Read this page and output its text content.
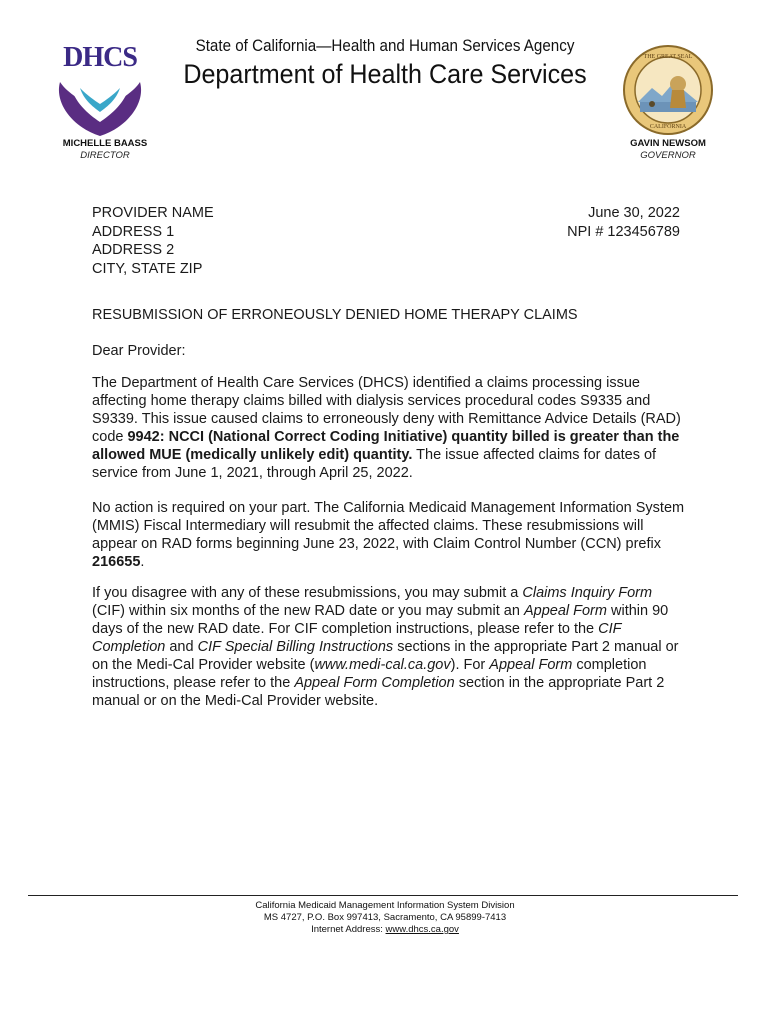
DHCS	State of California—Health and Human Services Agency
Department of Health Care Services
THE GREAT SEAL
CALIFORNIA
MICHELLE BAASS
DIRECTOR
GAVIN NEWSOM
GOVERNOR
PROVIDER NAME
ADDRESS 1
ADDRESS 2
CITY, STATE ZIP
June 30, 2022
NPI # 123456789
RESUBMISSION OF ERRONEOUSLY DENIED HOME THERAPY CLAIMS
Dear Provider:
The Department of Health Care Services (DHCS) identified a claims processing issue affecting home therapy claims billed with dialysis services procedural codes S9335 and S9339. This issue caused claims to erroneously deny with Remittance Advice Details (RAD) code 9942: NCCI (National Correct Coding Initiative) quantity billed is greater than the allowed MUE (medically unlikely edit) quantity. The issue affected claims for dates of service from June 1, 2021, through April 25, 2022.
No action is required on your part. The California Medicaid Management Information System (MMIS) Fiscal Intermediary will resubmit the affected claims. These resubmissions will appear on RAD forms beginning June 23, 2022, with Claim Control Number (CCN) prefix 216655.
If you disagree with any of these resubmissions, you may submit a Claims Inquiry Form (CIF) within six months of the new RAD date or you may submit an Appeal Form within 90 days of the new RAD date. For CIF completion instructions, please refer to the CIF Completion and CIF Special Billing Instructions sections in the appropriate Part 2 manual or on the Medi-Cal Provider website (www.medi-cal.ca.gov). For Appeal Form completion instructions, please refer to the Appeal Form Completion section in the appropriate Part 2 manual or on the Medi-Cal Provider website.
California Medicaid Management Information System Division
MS 4727, P.O. Box 997413, Sacramento, CA 95899-7413
Internet Address: www.dhcs.ca.gov
